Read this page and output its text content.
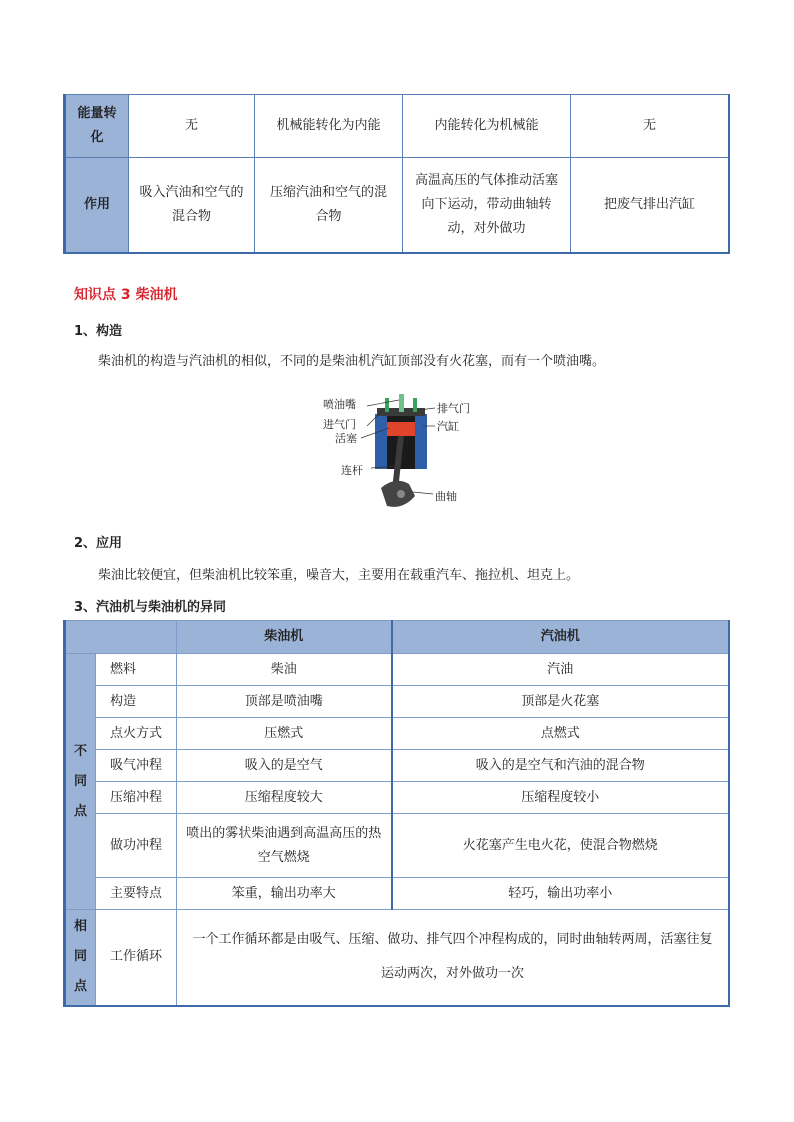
能量转化	无	机械能转化为内能	内能转化为机械能	无
作用	吸入汽油和空气的混合物	压缩汽油和空气的混合物	高温高压的气体推动活塞向下运动，带动曲轴转动，对外做功	把废气排出汽缸
知识点 3 柴油机
1、构造
柴油机的构造与汽油机的相似，不同的是柴油机汽缸顶部没有火花塞，而有一个喷油嘴。
喷油嘴
进气门
活塞
排气门
汽缸
连杆
曲轴
2、应用
柴油比较便宜，但柴油机比较笨重，噪音大，主要用在载重汽车、拖拉机、坦克上。
3、汽油机与柴油机的异同
		柴油机	汽油机

不同点	燃料	柴油	汽油
	构造	顶部是喷油嘴	顶部是火花塞
	点火方式	压燃式	点燃式
	吸气冲程	吸入的是空气	吸入的是空气和汽油的混合物
	压缩冲程	压缩程度较大	压缩程度较小
	做功冲程	喷出的雾状柴油遇到高温高压的热空气燃烧	火花塞产生电火花，使混合物燃烧
	主要特点	笨重，输出功率大	轻巧，输出功率小

相同点	工作循环	一个工作循环都是由吸气、压缩、做功、排气四个冲程构成的，同时曲轴转两周，活塞往复运动两次，对外做功一次	
